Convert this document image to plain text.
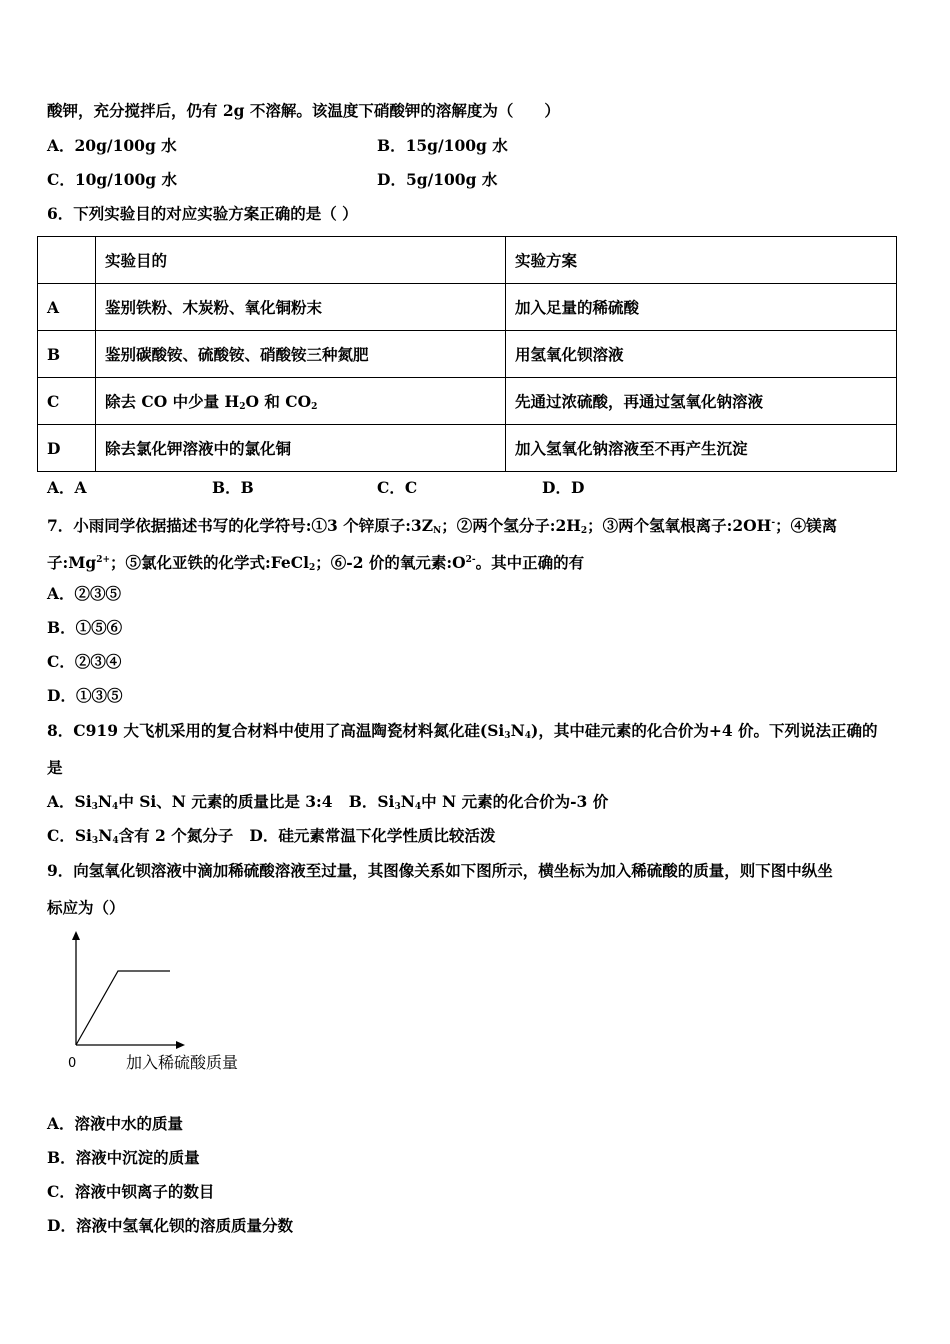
酸钾，充分搅拌后，仍有 2g 不溶解。该温度下硝酸钾的溶解度为（　　）
A．20g/100g 水	B．15g/100g 水
C．10g/100g 水	D．5g/100g 水
6．下列实验目的对应实验方案正确的是（ ）
	实验目的	实验方案
A	鉴别铁粉、木炭粉、氧化铜粉末	加入足量的稀硫酸
B	鉴别碳酸铵、硫酸铵、硝酸铵三种氮肥	用氢氧化钡溶液
C	除去 CO 中少量 $H_2O$ 和 $CO_2$	先通过浓硫酸，再通过氢氧化钠溶液
D	除去氯化钾溶液中的氯化铜	加入氢氧化钠溶液至不再产生沉淀
A．A	B．B	C．C	D．D
7．小雨同学依据描述书写的化学符号:①3 个锌原子$:3Z_N$；②两个氢分子$:2H_2$；③两个氢氧根离子:2OH-；④镁离
子$:Mg^{2+}$；⑤氯化亚铁的化学式:FeCl$_2$；⑥-2 价的氧元素$:O^{2-}$。其中正确的有
A．②③⑤
B．①⑤⑥
C．②③④
D．①③⑤
8．C919 大飞机采用的复合材料中使用了高温陶瓷材料氮化硅$(Si_3N_4)$，其中硅元素的化合价为+4 价。下列说法正确的
是
A．$Si_3N_4$中 Si、N 元素的质量比是 3:4 B．$Si_3N_4$中 N 元素的化合价为-3 价
C．$Si_3N_4$含有 2 个氮分子 D．硅元素常温下化学性质比较活泼
9．向氢氧化钡溶液中滴加稀硫酸溶液至过量，其图像关系如下图所示，横坐标为加入稀硫酸的质量，则下图中纵坐
标应为（）
0	加入稀硫酸质量
A．溶液中水的质量
B．溶液中沉淀的质量
C．溶液中钡离子的数目
D．溶液中氢氧化钡的溶质质量分数
